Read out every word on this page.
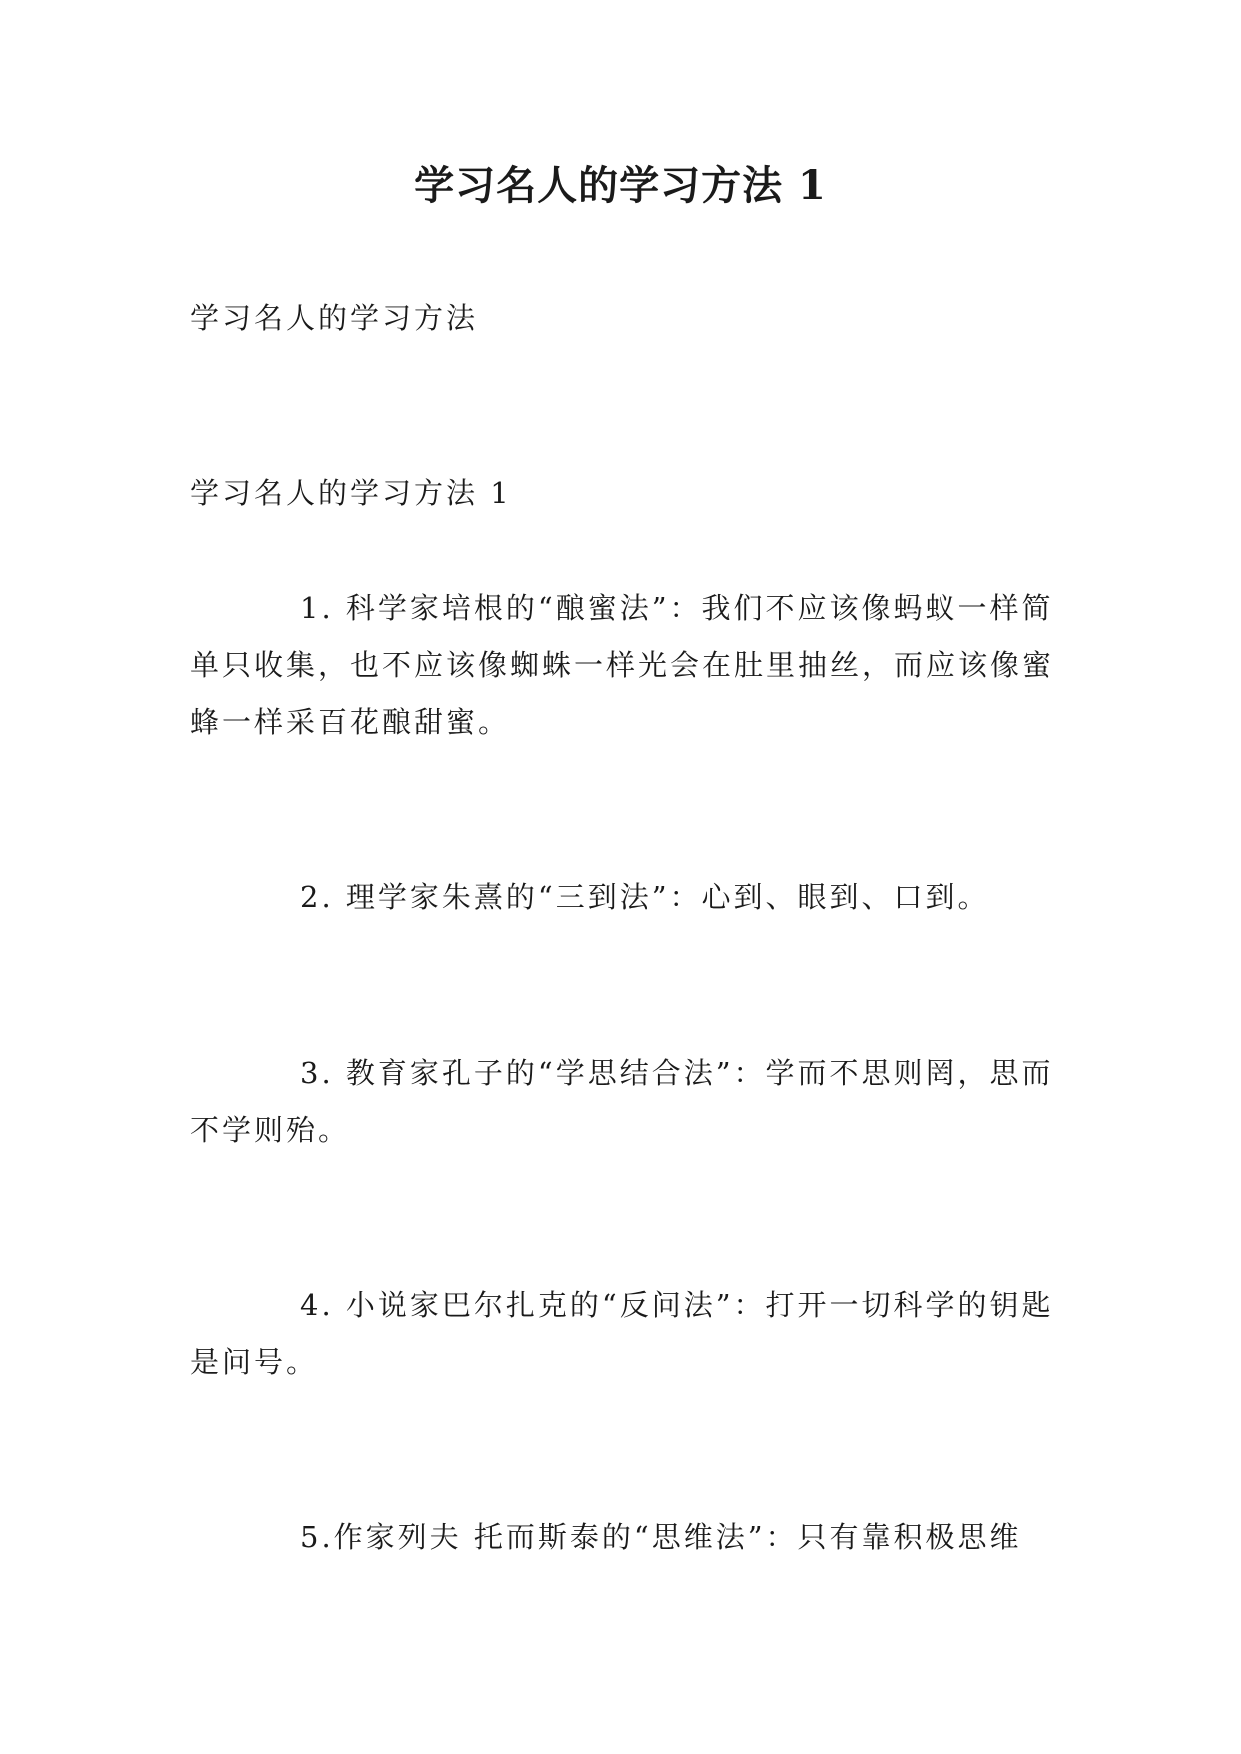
学习名人的学习方法 1

学习名人的学习方法

学习名人的学习方法 1

1. 科学家培根的“酿蜜法”：我们不应该像蚂蚁一样简单只收集，也不应该像蜘蛛一样光会在肚里抽丝，而应该像蜜蜂一样采百花酿甜蜜。

2. 理学家朱熹的“三到法”：心到、眼到、口到。

3. 教育家孔子的“学思结合法”：学而不思则罔，思而不学则殆。

4. 小说家巴尔扎克的“反问法”：打开一切科学的钥匙是问号。

5.作家列夫 托而斯泰的“思维法”：只有靠积极思维
